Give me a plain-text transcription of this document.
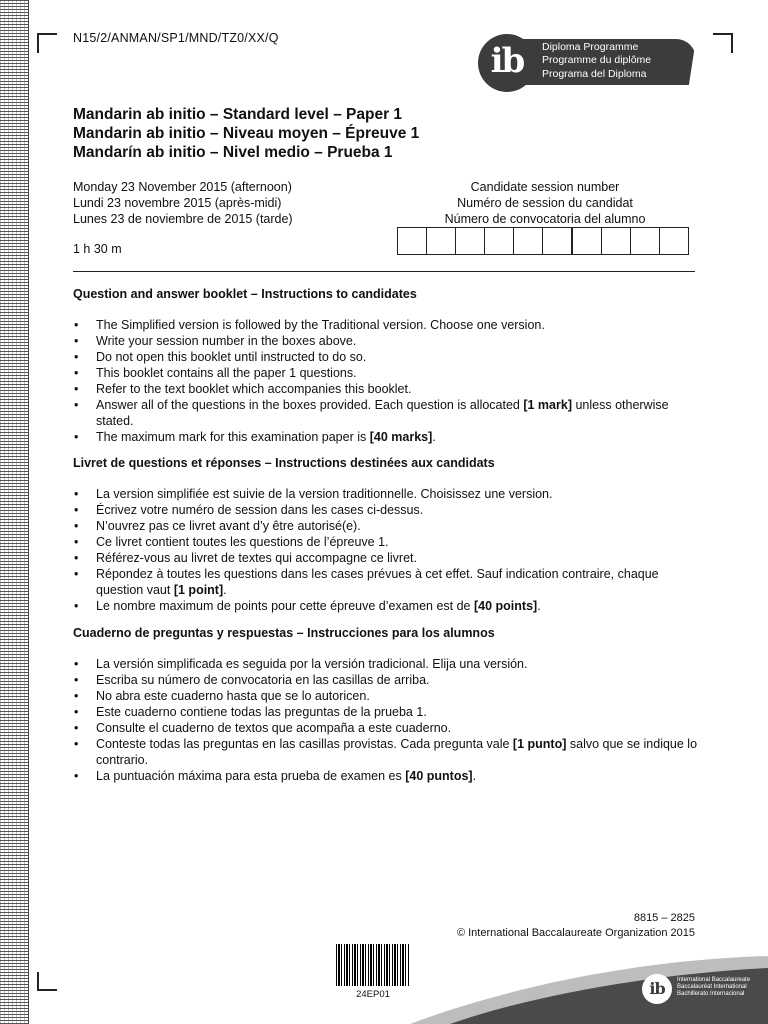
N15/2/ANMAN/SP1/MND/TZ0/XX/Q
ib	Diploma Programme
Programme du diplôme
Programa del Diploma
Mandarin ab initio – Standard level – Paper 1
Mandarin ab initio – Niveau moyen – Épreuve 1
Mandarín ab initio – Nivel medio – Prueba 1
Monday 23 November 2015 (afternoon)
Lundi 23 novembre 2015 (après-midi)
Lunes 23 de noviembre de 2015 (tarde)
1 h 30 m
Candidate session number
Numéro de session du candidat
Número de convocatoria del alumno
Question and answer booklet – Instructions to candidates
• The Simplified version is followed by the Traditional version. Choose one version.
• Write your session number in the boxes above.
• Do not open this booklet until instructed to do so.
• This booklet contains all the paper 1 questions.
• Refer to the text booklet which accompanies this booklet.
• Answer all of the questions in the boxes provided. Each question is allocated [1 mark] unless otherwise stated.
• The maximum mark for this examination paper is [40 marks].
Livret de questions et réponses – Instructions destinées aux candidats
• La version simplifiée est suivie de la version traditionnelle. Choisissez une version.
• Écrivez votre numéro de session dans les cases ci-dessus.
• N’ouvrez pas ce livret avant d’y être autorisé(e).
• Ce livret contient toutes les questions de l’épreuve 1.
• Référez-vous au livret de textes qui accompagne ce livret.
• Répondez à toutes les questions dans les cases prévues à cet effet. Sauf indication contraire, chaque question vaut [1 point].
• Le nombre maximum de points pour cette épreuve d’examen est de [40 points].
Cuaderno de preguntas y respuestas – Instrucciones para los alumnos
• La versión simplificada es seguida por la versión tradicional. Elija una versión.
• Escriba su número de convocatoria en las casillas de arriba.
• No abra este cuaderno hasta que se lo autoricen.
• Este cuaderno contiene todas las preguntas de la prueba 1.
• Consulte el cuaderno de textos que acompaña a este cuaderno.
• Conteste todas las preguntas en las casillas provistas. Cada pregunta vale [1 punto] salvo que se indique lo contrario.
• La puntuación máxima para esta prueba de examen es [40 puntos].
8815 – 2825
© International Baccalaureate Organization 2015
24EP01	ib	International Baccalaureate
Baccalauréat International
Bachillerato Internacional
